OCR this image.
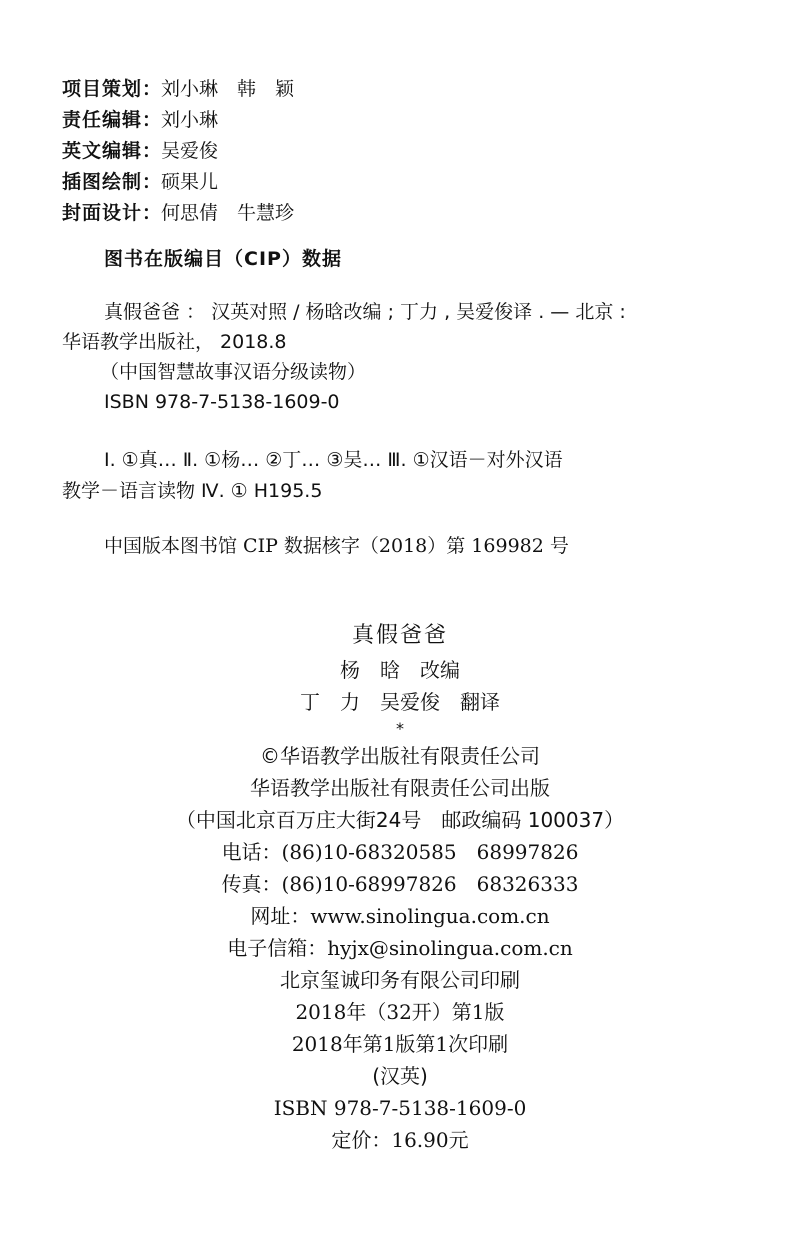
项目策划：刘小琳　韩　颖
责任编辑：刘小琳
英文编辑：吴爱俊
插图绘制：硕果儿
封面设计：何思倩　牛慧珍
图书在版编目（CIP）数据
真假爸爸 ： 汉英对照 / 杨晗改编 ; 丁力 , 吴爱俊译 . — 北京 :
华语教学出版社， 2018.8
（中国智慧故事汉语分级读物）
ISBN 978-7-5138-1609-0
Ⅰ. ①真… Ⅱ. ①杨… ②丁… ③吴… Ⅲ. ①汉语－对外汉语
教学－语言读物 Ⅳ. ① H195.5
中国版本图书馆 CIP 数据核字（2018）第 169982 号
真假爸爸
杨　晗　改编
丁　力　吴爱俊　翻译
*
©华语教学出版社有限责任公司
华语教学出版社有限责任公司出版
（中国北京百万庄大街24号　邮政编码 100037）
电话：(86)10-68320585　68997826
传真：(86)10-68997826　68326333
网址：www.sinolingua.com.cn
电子信箱：hyjx@sinolingua.com.cn
北京玺诚印务有限公司印刷
2018年（32开）第1版
2018年第1版第1次印刷
(汉英)
ISBN 978-7-5138-1609-0
定价：16.90元
